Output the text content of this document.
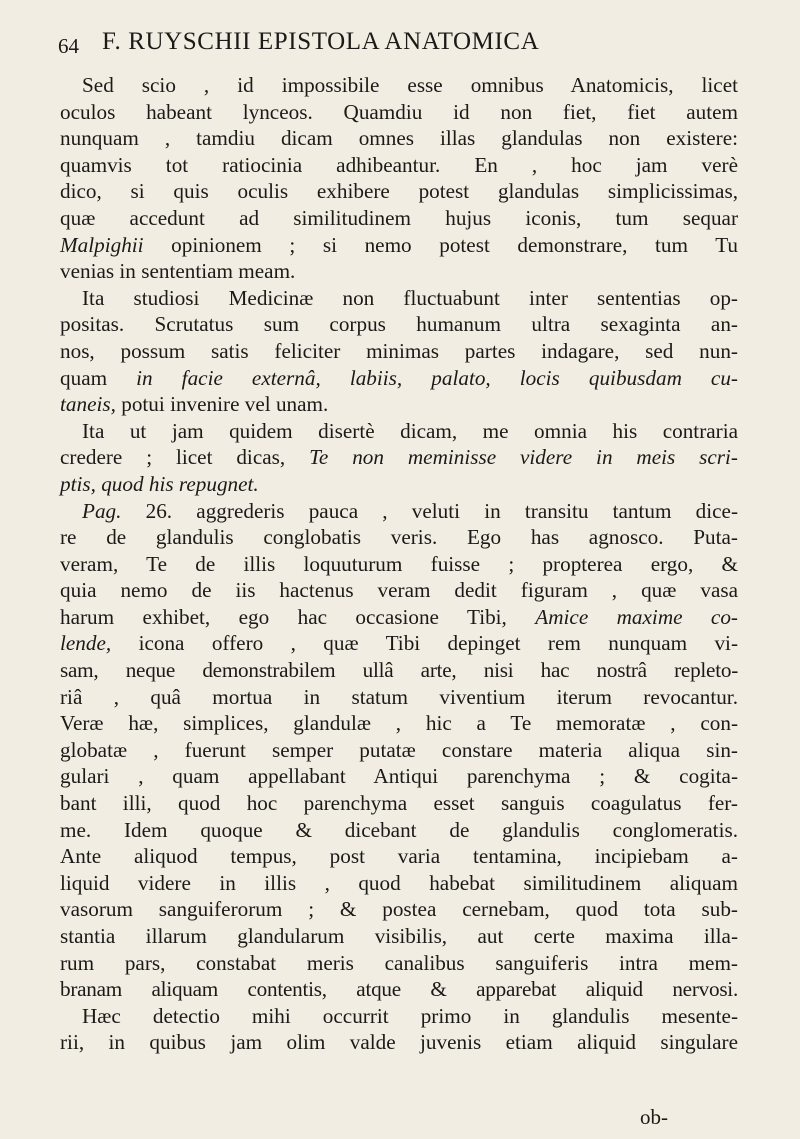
64 F. RUYSCHII EPISTOLA ANATOMICA
Sed scio , id impossibile esse omnibus Anatomicis, licet
oculos habeant lynceos. Quamdiu id non fiet, fiet autem
nunquam , tamdiu dicam omnes illas glandulas non existere:
quamvis tot ratiocinia adhibeantur. En , hoc jam verè
dico, si quis oculis exhibere potest glandulas simplicissimas,
quæ accedunt ad similitudinem hujus iconis, tum sequar
Malpighii opinionem ; si nemo potest demonstrare, tum Tu
venias in sententiam meam.
Ita studiosi Medicinæ non fluctuabunt inter sententias op-
positas. Scrutatus sum corpus humanum ultra sexaginta an-
nos, possum satis feliciter minimas partes indagare, sed nun-
quam in facie externâ, labiis, palato, locis quibusdam cu-
taneis, potui invenire vel unam.
Ita ut jam quidem disertè dicam, me omnia his contraria
credere ; licet dicas, Te non meminisse videre in meis scri-
ptis, quod his repugnet.
Pag. 26. aggrederis pauca , veluti in transitu tantum dice-
re de glandulis conglobatis veris. Ego has agnosco. Puta-
veram, Te de illis loquuturum fuisse ; propterea ergo, &
quia nemo de iis hactenus veram dedit figuram , quæ vasa
harum exhibet, ego hac occasione Tibi, Amice maxime co-
lende, icona offero , quæ Tibi depinget rem nunquam vi-
sam, neque demonstrabilem ullâ arte, nisi hac nostrâ repleto-
riâ , quâ mortua in statum viventium iterum revocantur.
Veræ hæ, simplices, glandulæ , hic a Te memoratæ , con-
globatæ , fuerunt semper putatæ constare materia aliqua sin-
gulari , quam appellabant Antiqui parenchyma ; & cogita-
bant illi, quod hoc parenchyma esset sanguis coagulatus fer-
me. Idem quoque & dicebant de glandulis conglomeratis.
Ante aliquod tempus, post varia tentamina, incipiebam a-
liquid videre in illis , quod habebat similitudinem aliquam
vasorum sanguiferorum ; & postea cernebam, quod tota sub-
stantia illarum glandularum visibilis, aut certe maxima illa-
rum pars, constabat meris canalibus sanguiferis intra mem-
branam aliquam contentis, atque & apparebat aliquid nervosi.
Hæc detectio mihi occurrit primo in glandulis mesente-
rii, in quibus jam olim valde juvenis etiam aliquid singulare
ob-
